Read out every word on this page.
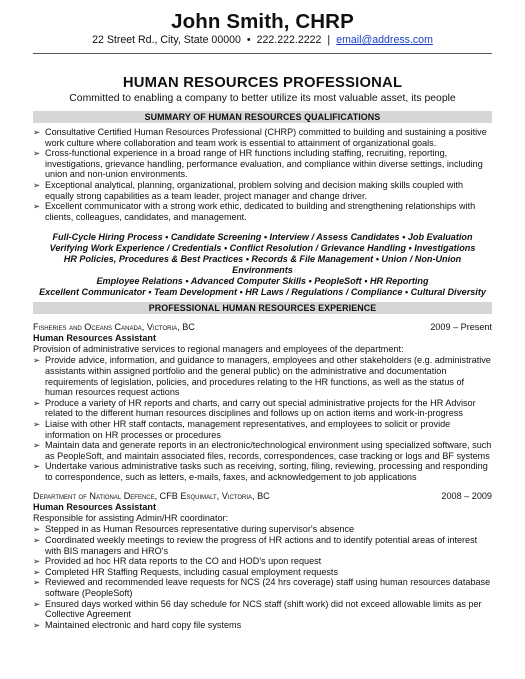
John Smith, CHRP
22 Street Rd., City, State 00000 • 222.222.2222 | email@address.com
HUMAN RESOURCES PROFESSIONAL
Committed to enabling a company to better utilize its most valuable asset, its people
SUMMARY OF HUMAN RESOURCES QUALIFICATIONS
➢ Consultative Certified Human Resources Professional (CHRP) committed to building and sustaining a positive work culture where collaboration and team work is essential to attainment of organizational goals.
➢ Cross-functional experience in a broad range of HR functions including staffing, recruiting, reporting, investigations, grievance handling, performance evaluation, and compliance within diverse settings, including union and non-union environments.
➢ Exceptional analytical, planning, organizational, problem solving and decision making skills coupled with equally strong capabilities as a team leader, project manager and change driver.
➢ Excellent communicator with a strong work ethic, dedicated to building and strengthening relationships with clients, colleagues, candidates, and management.
Full-Cycle Hiring Process • Candidate Screening • Interview / Assess Candidates • Job Evaluation
Verifying Work Experience / Credentials • Conflict Resolution / Grievance Handling • Investigations
HR Policies, Procedures & Best Practices • Records & File Management • Union / Non-Union Environments
Employee Relations • Advanced Computer Skills • PeopleSoft • HR Reporting
Excellent Communicator • Team Development • HR Laws / Regulations / Compliance • Cultural Diversity
PROFESSIONAL HUMAN RESOURCES EXPERIENCE
Fisheries and Oceans Canada, Victoria, BC	2009 – Present
Human Resources Assistant
Provision of administrative services to regional managers and employees of the department:
➢ Provide advice, information, and guidance to managers, employees and other stakeholders (e.g. administrative assistants within assigned portfolio and the general public) on the administrative and documentation requirements of legislation, policies, and procedures relating to the HR functions, as well as the status of human resources request actions
➢ Produce a variety of HR reports and charts, and carry out special administrative projects for the HR Advisor related to the different human resources disciplines and follows up on action items and work-in-progress
➢ Liaise with other HR staff contacts, management representatives, and employees to solicit or provide information on HR processes or procedures
➢ Maintain data and generate reports in an electronic/technological environment using specialized software, such as PeopleSoft, and maintain associated files, records, correspondences, case tracking or logs and BF systems
➢ Undertake various administrative tasks such as receiving, sorting, filing, reviewing, processing and responding to correspondence, such as letters, e-mails, faxes, and acknowledgement to job applications
Department of National Defence, CFB Esquimalt, Victoria, BC	2008 – 2009
Human Resources Assistant
Responsible for assisting Admin/HR coordinator:
➢ Stepped in as Human Resources representative during supervisor's absence
➢ Coordinated weekly meetings to review the progress of HR actions and to identify potential areas of interest with BIS managers and HRO's
➢ Provided ad hoc HR data reports to the CO and HOD's upon request
➢ Completed HR Staffing Requests, including casual employment requests
➢ Reviewed and recommended leave requests for NCS (24 hrs coverage) staff using human resources database software (PeopleSoft)
➢ Ensured days worked within 56 day schedule for NCS staff (shift work) did not exceed allowable limits as per Collective Agreement
➢ Maintained electronic and hard copy file systems
